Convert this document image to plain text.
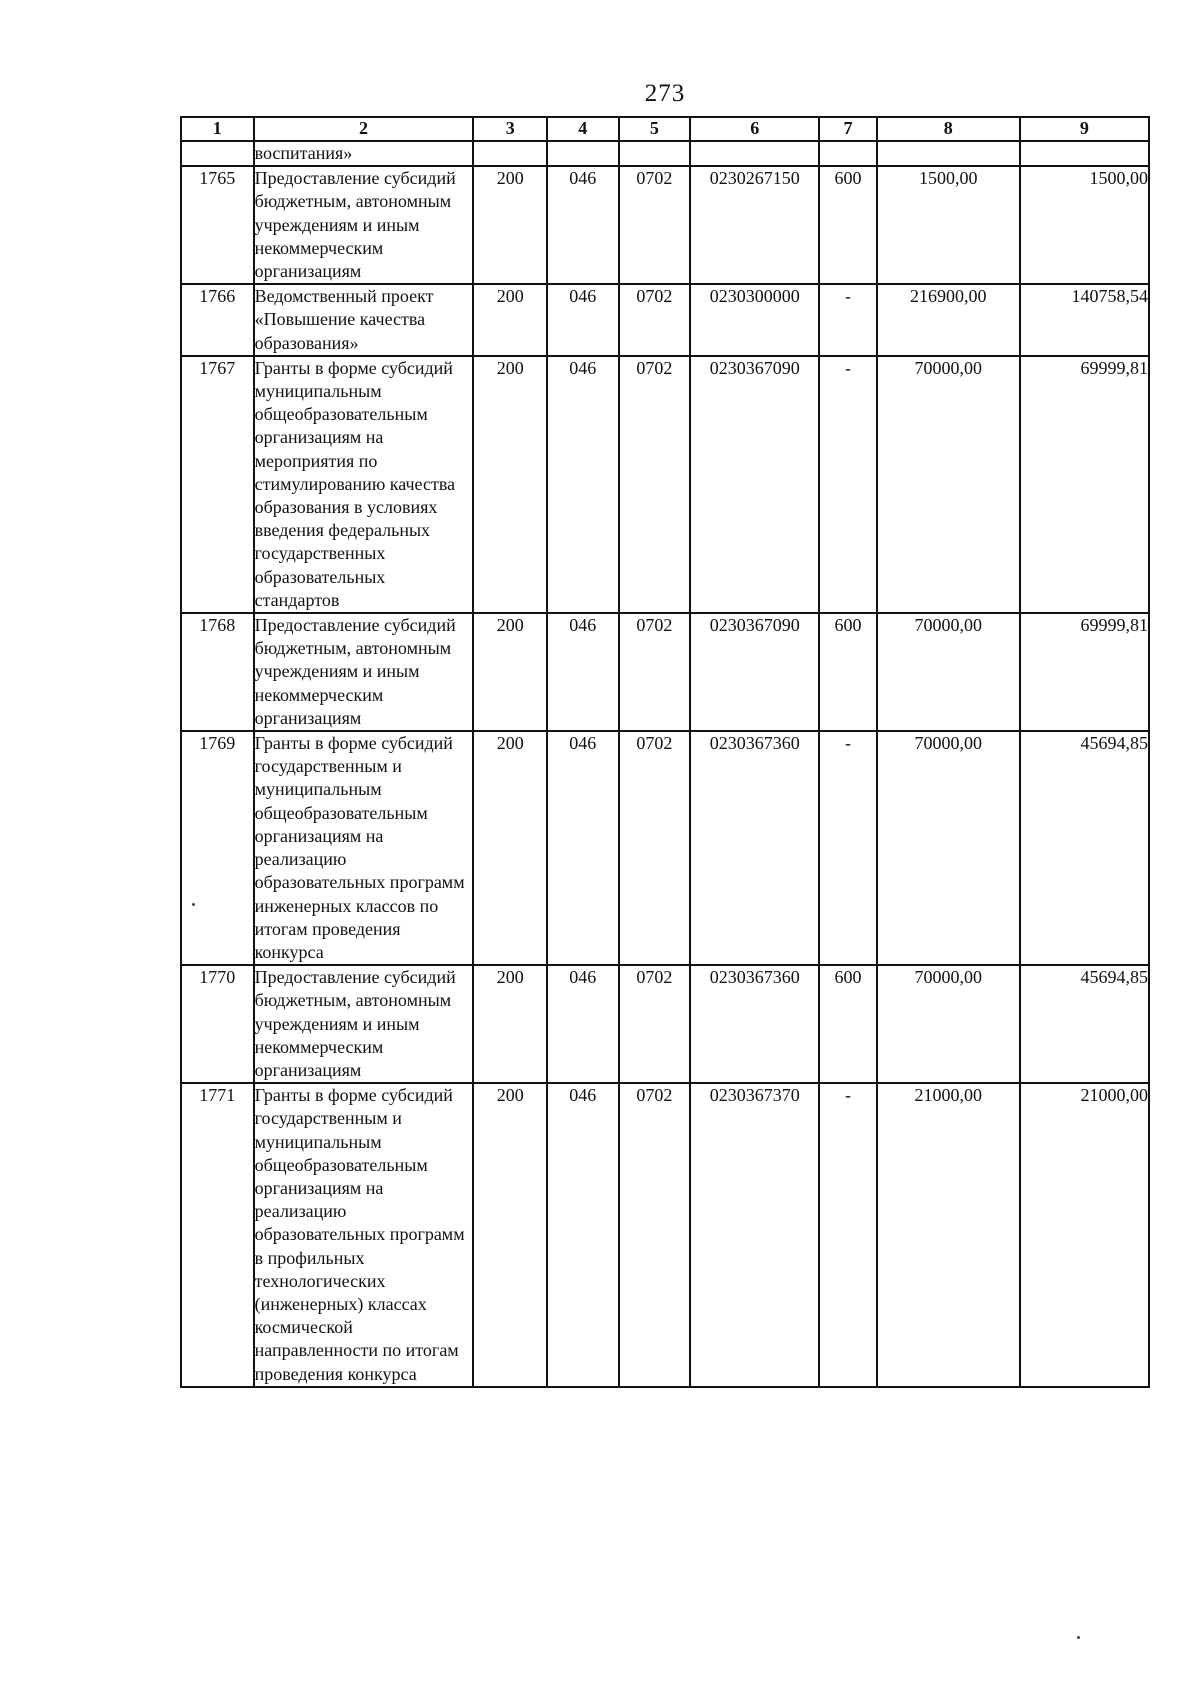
273
1	2	3	4	5	6	7	8	9
	воспитания»							
1765	Предоставление субсидий бюджетным, автономным учреждениям и иным некоммерческим организациям	200	046	0702	0230267150	600	1500,00	1500,00
1766	Ведомственный проект «Повышение качества образования»	200	046	0702	0230300000	-	216900,00	140758,54
1767	Гранты в форме субсидий муниципальным общеобразовательным организациям на мероприятия по стимулированию качества образования в условиях введения федеральных государственных образовательных стандартов	200	046	0702	0230367090	-	70000,00	69999,81
1768	Предоставление субсидий бюджетным, автономным учреждениям и иным некоммерческим организациям	200	046	0702	0230367090	600	70000,00	69999,81
1769	Гранты в форме субсидий государственным и муниципальным общеобразовательным организациям на реализацию образовательных программ инженерных классов по итогам проведения конкурса	200	046	0702	0230367360	-	70000,00	45694,85
1770	Предоставление субсидий бюджетным, автономным учреждениям и иным некоммерческим организациям	200	046	0702	0230367360	600	70000,00	45694,85
1771	Гранты в форме субсидий государственным и муниципальным общеобразовательным организациям на реализацию образовательных программ в профильных технологических (инженерных) классах космической направленности по итогам проведения конкурса	200	046	0702	0230367370	-	21000,00	21000,00
